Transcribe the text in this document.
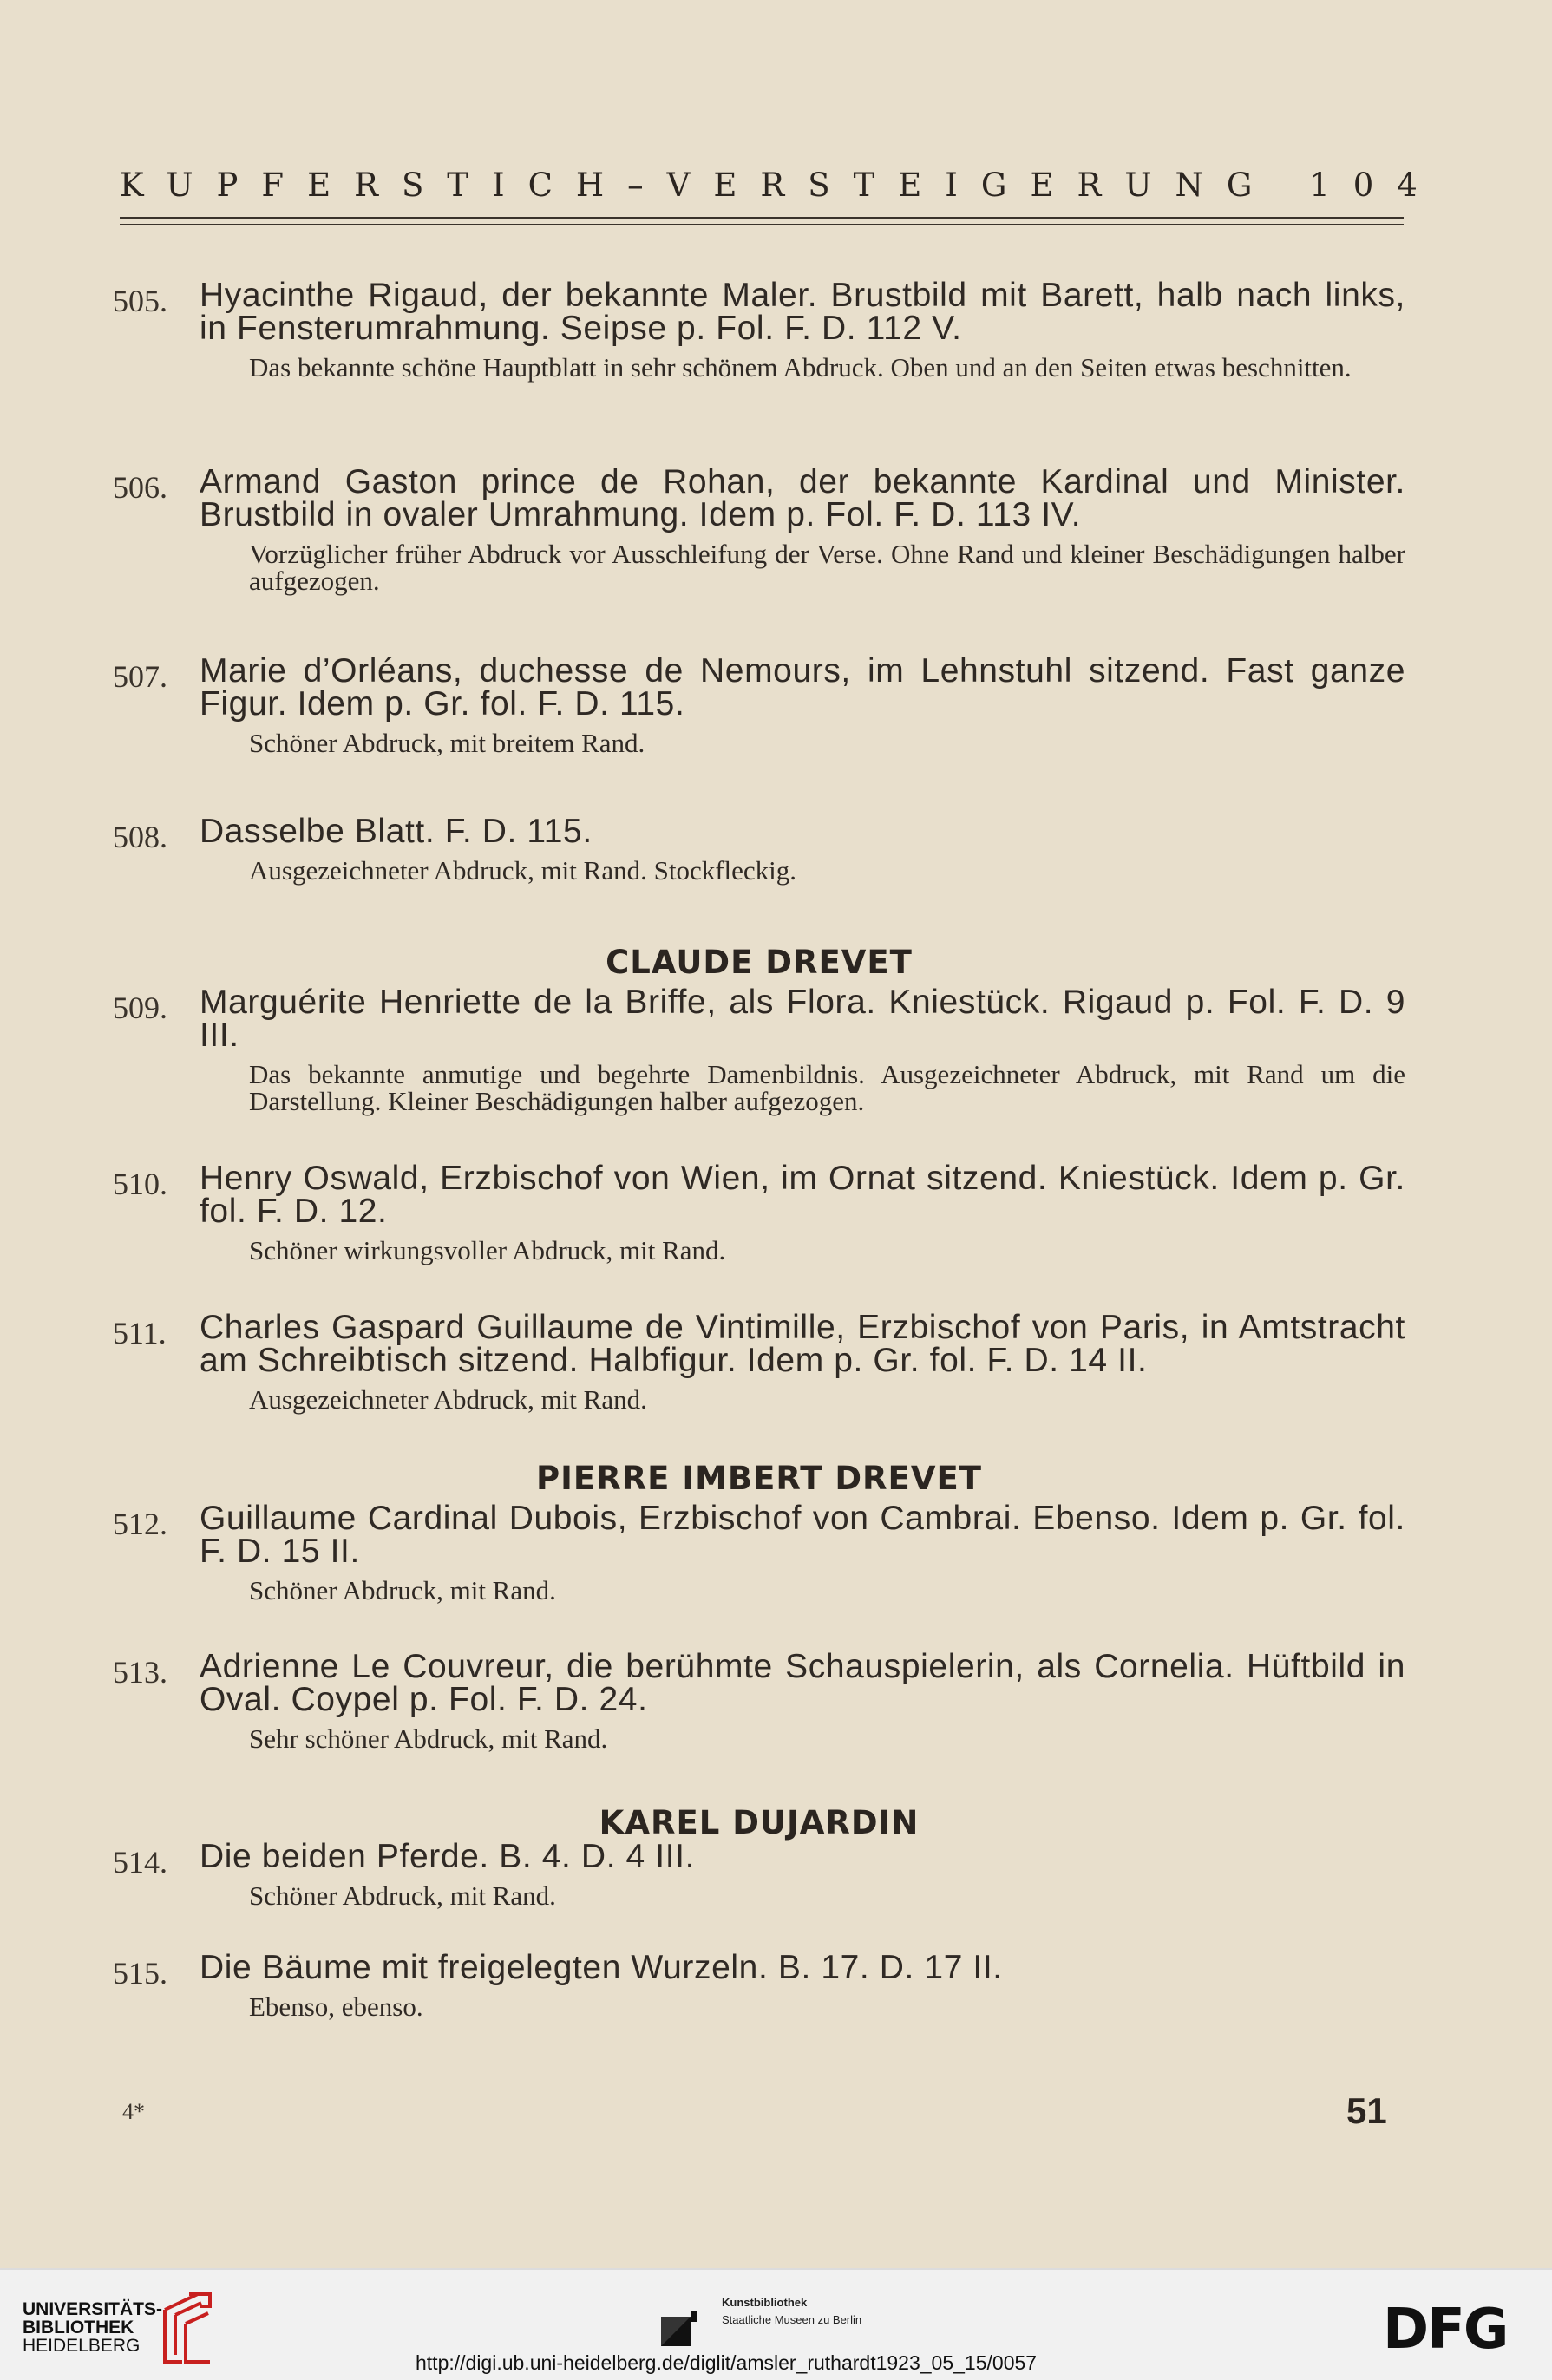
KUPFERSTICH–VERSTEIGERUNG 104
505. Hyacinthe Rigaud, der bekannte Maler. Brustbild mit Barett, halb nach links, in Fensterumrahmung. Seipse p. Fol. F. D. 112 V.
Das bekannte schöne Hauptblatt in sehr schönem Abdruck. Oben und an den Seiten etwas beschnitten.
506. Armand Gaston prince de Rohan, der bekannte Kardinal und Minister. Brustbild in ovaler Umrahmung. Idem p. Fol. F. D. 113 IV.
Vorzüglicher früher Abdruck vor Ausschleifung der Verse. Ohne Rand und kleiner Beschädigungen halber aufgezogen.
507. Marie d’Orléans, duchesse de Nemours, im Lehnstuhl sitzend. Fast ganze Figur. Idem p. Gr. fol. F. D. 115.
Schöner Abdruck, mit breitem Rand.
508. Dasselbe Blatt. F. D. 115.
Ausgezeichneter Abdruck, mit Rand. Stockfleckig.
CLAUDE DREVET
509. Marguérite Henriette de la Briffe, als Flora. Kniestück. Rigaud p. Fol. F. D. 9 III.
Das bekannte anmutige und begehrte Damenbildnis. Ausgezeichneter Abdruck, mit Rand um die Darstellung. Kleiner Beschädigungen halber aufgezogen.
510. Henry Oswald, Erzbischof von Wien, im Ornat sitzend. Kniestück. Idem p. Gr. fol. F. D. 12.
Schöner wirkungsvoller Abdruck, mit Rand.
511. Charles Gaspard Guillaume de Vintimille, Erzbischof von Paris, in Amtstracht am Schreibtisch sitzend. Halbfigur. Idem p. Gr. fol. F. D. 14 II.
Ausgezeichneter Abdruck, mit Rand.
PIERRE IMBERT DREVET
512. Guillaume Cardinal Dubois, Erzbischof von Cambrai. Ebenso. Idem p. Gr. fol. F. D. 15 II.
Schöner Abdruck, mit Rand.
513. Adrienne Le Couvreur, die berühmte Schauspielerin, als Cornelia. Hüftbild in Oval. Coypel p. Fol. F. D. 24.
Sehr schöner Abdruck, mit Rand.
KAREL DUJARDIN
514. Die beiden Pferde. B. 4. D. 4 III.
Schöner Abdruck, mit Rand.
515. Die Bäume mit freigelegten Wurzeln. B. 17. D. 17 II.
Ebenso, ebenso.
4*	51
UNIVERSITÄTS-
BIBLIOTHEK
HEIDELBERG
Kunstbibliothek
Staatliche Museen zu Berlin	DFG
http://digi.ub.uni-heidelberg.de/diglit/amsler_ruthardt1923_05_15/0057
